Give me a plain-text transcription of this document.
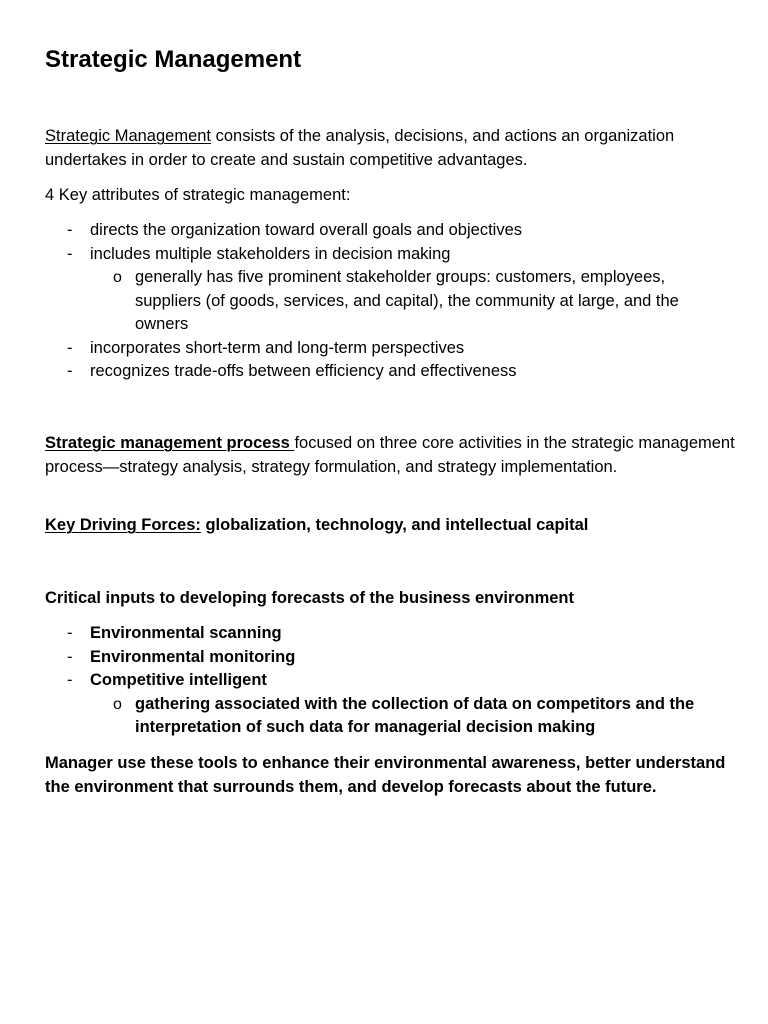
Strategic Management

Strategic Management consists of the analysis, decisions, and actions an organization undertakes in order to create and sustain competitive advantages.

4 Key attributes of strategic management:

- directs the organization toward overall goals and objectives
- includes multiple stakeholders in decision making
o generally has five prominent stakeholder groups: customers, employees, suppliers (of goods, services, and capital), the community at large, and the owners
- incorporates short-term and long-term perspectives
- recognizes trade-offs between efficiency and effectiveness

Strategic management process focused on three core activities in the strategic management process—strategy analysis, strategy formulation, and strategy implementation.

Key Driving Forces: globalization, technology, and intellectual capital

Critical inputs to developing forecasts of the business environment

- Environmental scanning
- Environmental monitoring
- Competitive intelligent
o gathering associated with the collection of data on competitors and the interpretation of such data for managerial decision making

Manager use these tools to enhance their environmental awareness, better understand the environment that surrounds them, and develop forecasts about the future.
